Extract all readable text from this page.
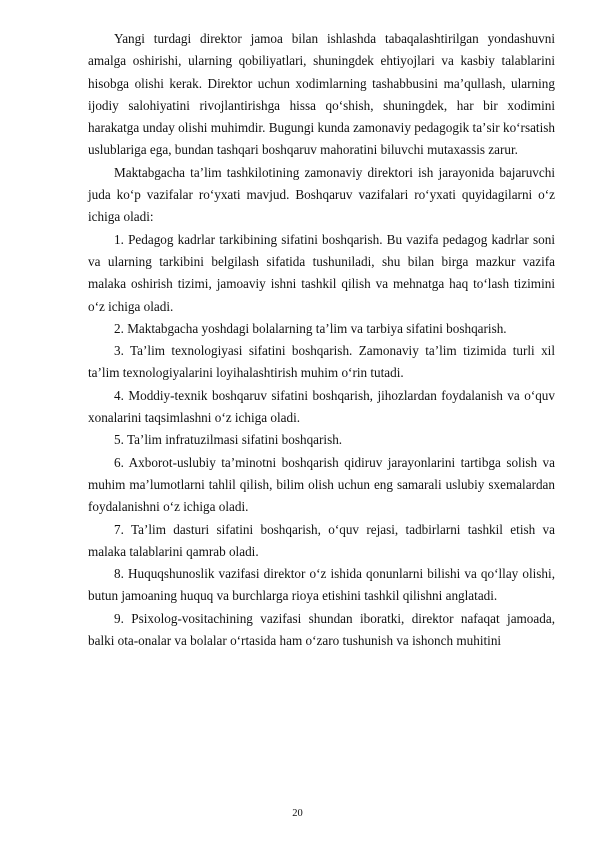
Yangi turdagi direktor jamoa bilan ishlashda tabaqalashtirilgan yondashuvni amalga oshirishi, ularning qobiliyatlari, shuningdek ehtiyojlari va kasbiy talablarini hisobga olishi kerak. Direktor uchun xodimlarning tashabbusini maʼqullash, ularning ijodiy salohiyatini rivojlantirishga hissa qoʻshish, shuningdek, har bir xodimini harakatga unday olishi muhimdir. Bugungi kunda zamonaviy pedagogik taʼsir koʻrsatish uslublariga ega, bundan tashqari boshqaruv mahoratini biluvchi mutaxassis zarur.

Maktabgacha taʼlim tashkilotining zamonaviy direktori ish jarayonida bajaruvchi juda koʻp vazifalar roʻyxati mavjud. Boshqaruv vazifalari roʻyxati quyidagilarni oʻz ichiga oladi:

1. Pedagog kadrlar tarkibining sifatini boshqarish. Bu vazifa pedagog kadrlar soni va ularning tarkibini belgilash sifatida tushuniladi, shu bilan birga mazkur vazifa malaka oshirish tizimi, jamoaviy ishni tashkil qilish va mehnatga haq toʻlash tizimini oʻz ichiga oladi.

2. Maktabgacha yoshdagi bolalarning taʼlim va tarbiya sifatini boshqarish.

3. Taʼlim texnologiyasi sifatini boshqarish. Zamonaviy taʼlim tizimida turli xil taʼlim texnologiyalarini loyihalashtirish muhim oʻrin tutadi.

4. Moddiy-texnik boshqaruv sifatini boshqarish, jihozlardan foydalanish va oʻquv xonalarini taqsimlashni oʻz ichiga oladi.

5. Taʼlim infratuzilmasi sifatini boshqarish.

6. Axborot-uslubiy taʼminotni boshqarish qidiruv jarayonlarini tartibga solish va muhim maʼlumotlarni tahlil qilish, bilim olish uchun eng samarali uslubiy sxemalardan foydalanishni oʻz ichiga oladi.

7. Taʼlim dasturi sifatini boshqarish, oʻquv rejasi, tadbirlarni tashkil etish va malaka talablarini qamrab oladi.

8. Huquqshunoslik vazifasi direktor oʻz ishida qonunlarni bilishi va qoʻllay olishi, butun jamoaning huquq va burchlarga rioya etishini tashkil qilishni anglatadi.

9. Psixolog-vositachining vazifasi shundan iboratki, direktor nafaqat jamoada, balki ota-onalar va bolalar oʻrtasida ham oʻzaro tushunish va ishonch muhitini

20
